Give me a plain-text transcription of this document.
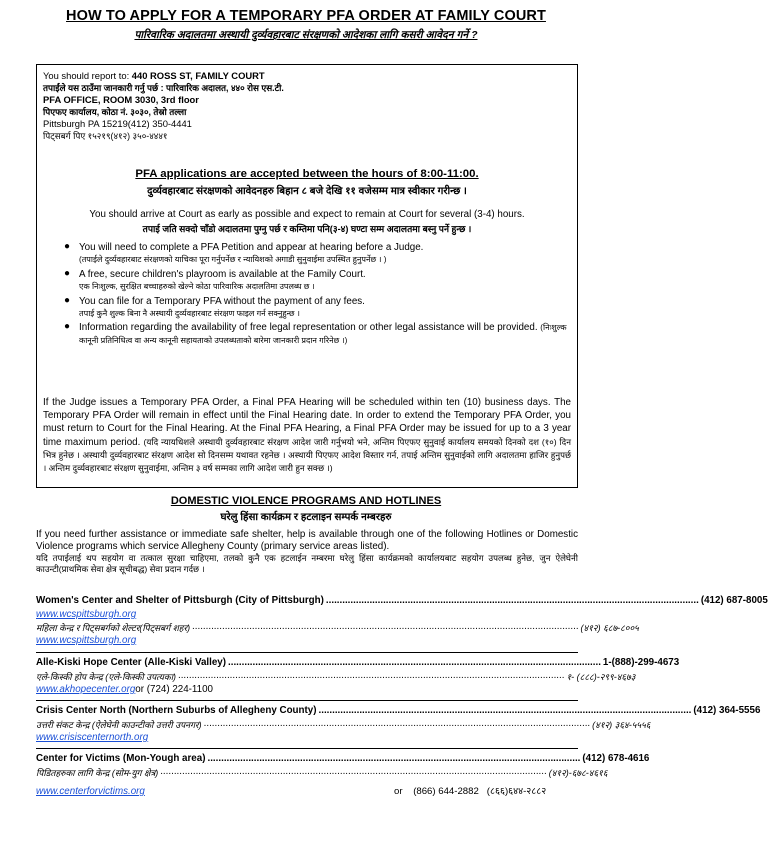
HOW TO APPLY FOR A TEMPORARY PFA ORDER AT FAMILY COURT
पारिवारिक अदालतमा अस्थायी दुर्व्यवहारबाट संरक्षणको आदेशका लागि कसरी आवेदन गर्ने ?
You should report to: 440 ROSS ST, FAMILY COURT
तपाईंले यस ठाउँमा जानकारी गर्नु पर्छ : पारिवारिक अदालत, ४४० रोस एस.टी.
PFA OFFICE, ROOM 3030, 3rd floor
पिएफए कार्यालय, कोठा नं. ३०३०, तेस्रो तल्ला
Pittsburgh PA 15219(412) 350-4441
पिट्सबर्ग पिए १५२१९(४१२) ३५०-४४४१
PFA applications are accepted between the hours of 8:00-11:00.
दुर्व्यवहारबाट संरक्षणको आवेदनहरु बिहान ८ बजे देखि ११ वजेसम्म मात्र स्वीकार गरीन्छ ।
You should arrive at Court as early as possible and expect to remain at Court for several (3-4) hours.
तपाई जति सक्दो चाँडो अदालतमा पुग्नु पर्छ र कम्तिमा पनि(३-४) घण्टा सम्म अदालतमा बस्नु पर्ने हुन्छ ।
● You will need to complete a PFA Petition and appear at hearing before a Judge.
(तपाईले दुर्व्यवहारबाट संरक्षणको याचिका पूरा गर्नुपर्नेछ र न्यायिशको अगाडी सुनुवाईमा उपस्थित हुनुपर्नेछ । )
● A free, secure children's playroom is available at the Family Court.
एक निःशुल्क, सुरक्षित बच्चाहरुको खेल्ने कोठा पारिवारिक अदालतिमा उपलब्ध छ ।
● You can file for a Temporary PFA without the payment of any fees.
तपाई कुनै शुल्क बिना नै अस्थायी दुर्व्यवहारबाट संरक्षण फाइल गर्न सक्नुहुन्छ ।
● Information regarding the availability of free legal representation or other legal assistance will be provided. (निःशुल्क कानूनी प्रतिनिधित्व वा अन्य कानूनी सहायताको उपलब्धताको बारेमा जानकारी प्रदान गरिनेछ ।)
If the Judge issues a Temporary PFA Order, a Final PFA Hearing will be scheduled within ten (10) business days. The Temporary PFA Order will remain in effect until the Final Hearing date. In order to extend the Temporary PFA Order, you must return to Court for the Final Hearing. At the Final PFA Hearing, a Final PFA Order may be issued for up to a 3 year time maximum period. (यदि न्यायधिशले अस्थायी दुर्व्यवहारबाट संरक्षण आदेश जारी गर्नुभयो भने, अन्तिम पिएफए सुनुवाई कार्यालय समयको दिनको दश (१०) दिन भित्र हुनेछ । अस्थायी दुर्व्यवहारबाट संरक्षण आदेश सो दिनसम्म यथावत रहनेछ । अस्थायी पिएफए आदेश विस्तार गर्न, तपाई अन्तिम सुनुवाईको लागि अदालतमा हाजिर हुनुपर्छ । अन्तिम दुर्व्यवहारबाट संरक्षण सुनुवाईमा, अन्तिम ३ वर्ष सम्मका लागि आदेश जारी हुन सक्छ ।)
DOMESTIC VIOLENCE PROGRAMS AND HOTLINES
घरेलु हिंसा कार्यक्रम र हटलाइन सम्पर्क नम्बरहरु
If you need further assistance or immediate safe shelter, help is available through one of the following Hotlines or Domestic Violence programs which service Allegheny County (primary service areas listed).
यदि तपाईलाई थप सहयोग वा तत्काल सुरक्षा चाहिएमा, तलको कुनै एक हटलाईन नम्बरमा घरेलु हिंसा कार्यक्रमको कार्यालयबाट सहयोग उपलब्ध हुनेछ, जुन ऐलेघेनी काउन्टी(प्राथमिक सेवा क्षेत्र सूचीबद्ध) सेवा प्रदान गर्दछ ।
Women's Center and Shelter of Pittsburgh (City of Pittsburgh) ......................................................................................................................................... (412) 687-8005
www.wcspittsburgh.org
महिला केन्द्र र पिट्सबर्गको शेल्टर(पिट्सबर्ग शहर) .............................................................................................................................................. (४१२) ६८७-८००५
www.wcspittsburgh.org
Alle-Kiski Hope Center (Alle-Kiski Valley) ......................................................................................................................................... 1-(888)-299-4673
एले-किस्की होप केन्द्र (एले-किस्की उपत्यका) .............................................................................................................................................. १- (८८८)-२९९-४६७३
www.akhopecenter.orgor (724) 224-1100
Crisis Center North (Northern Suburbs of Allegheny County) ......................................................................................................................................... (412) 364-5556
उत्तरी संकट केन्द्र (ऐलेघेनी काउन्टीको उत्तरी उपनगर) .............................................................................................................................................. (४१२) ३६४-५५५६
www.crisiscenternorth.org
Center for Victims (Mon-Yough area) ......................................................................................................................................... (412) 678-4616
पिडितहरुका लागि केन्द्र (सोम-युग क्षेत्र) .............................................................................................................................................. (४१२)-६७८-४६१६
www.centerforvictims.org	or    (866) 644-2882   (८६६)६४४-२८८२
